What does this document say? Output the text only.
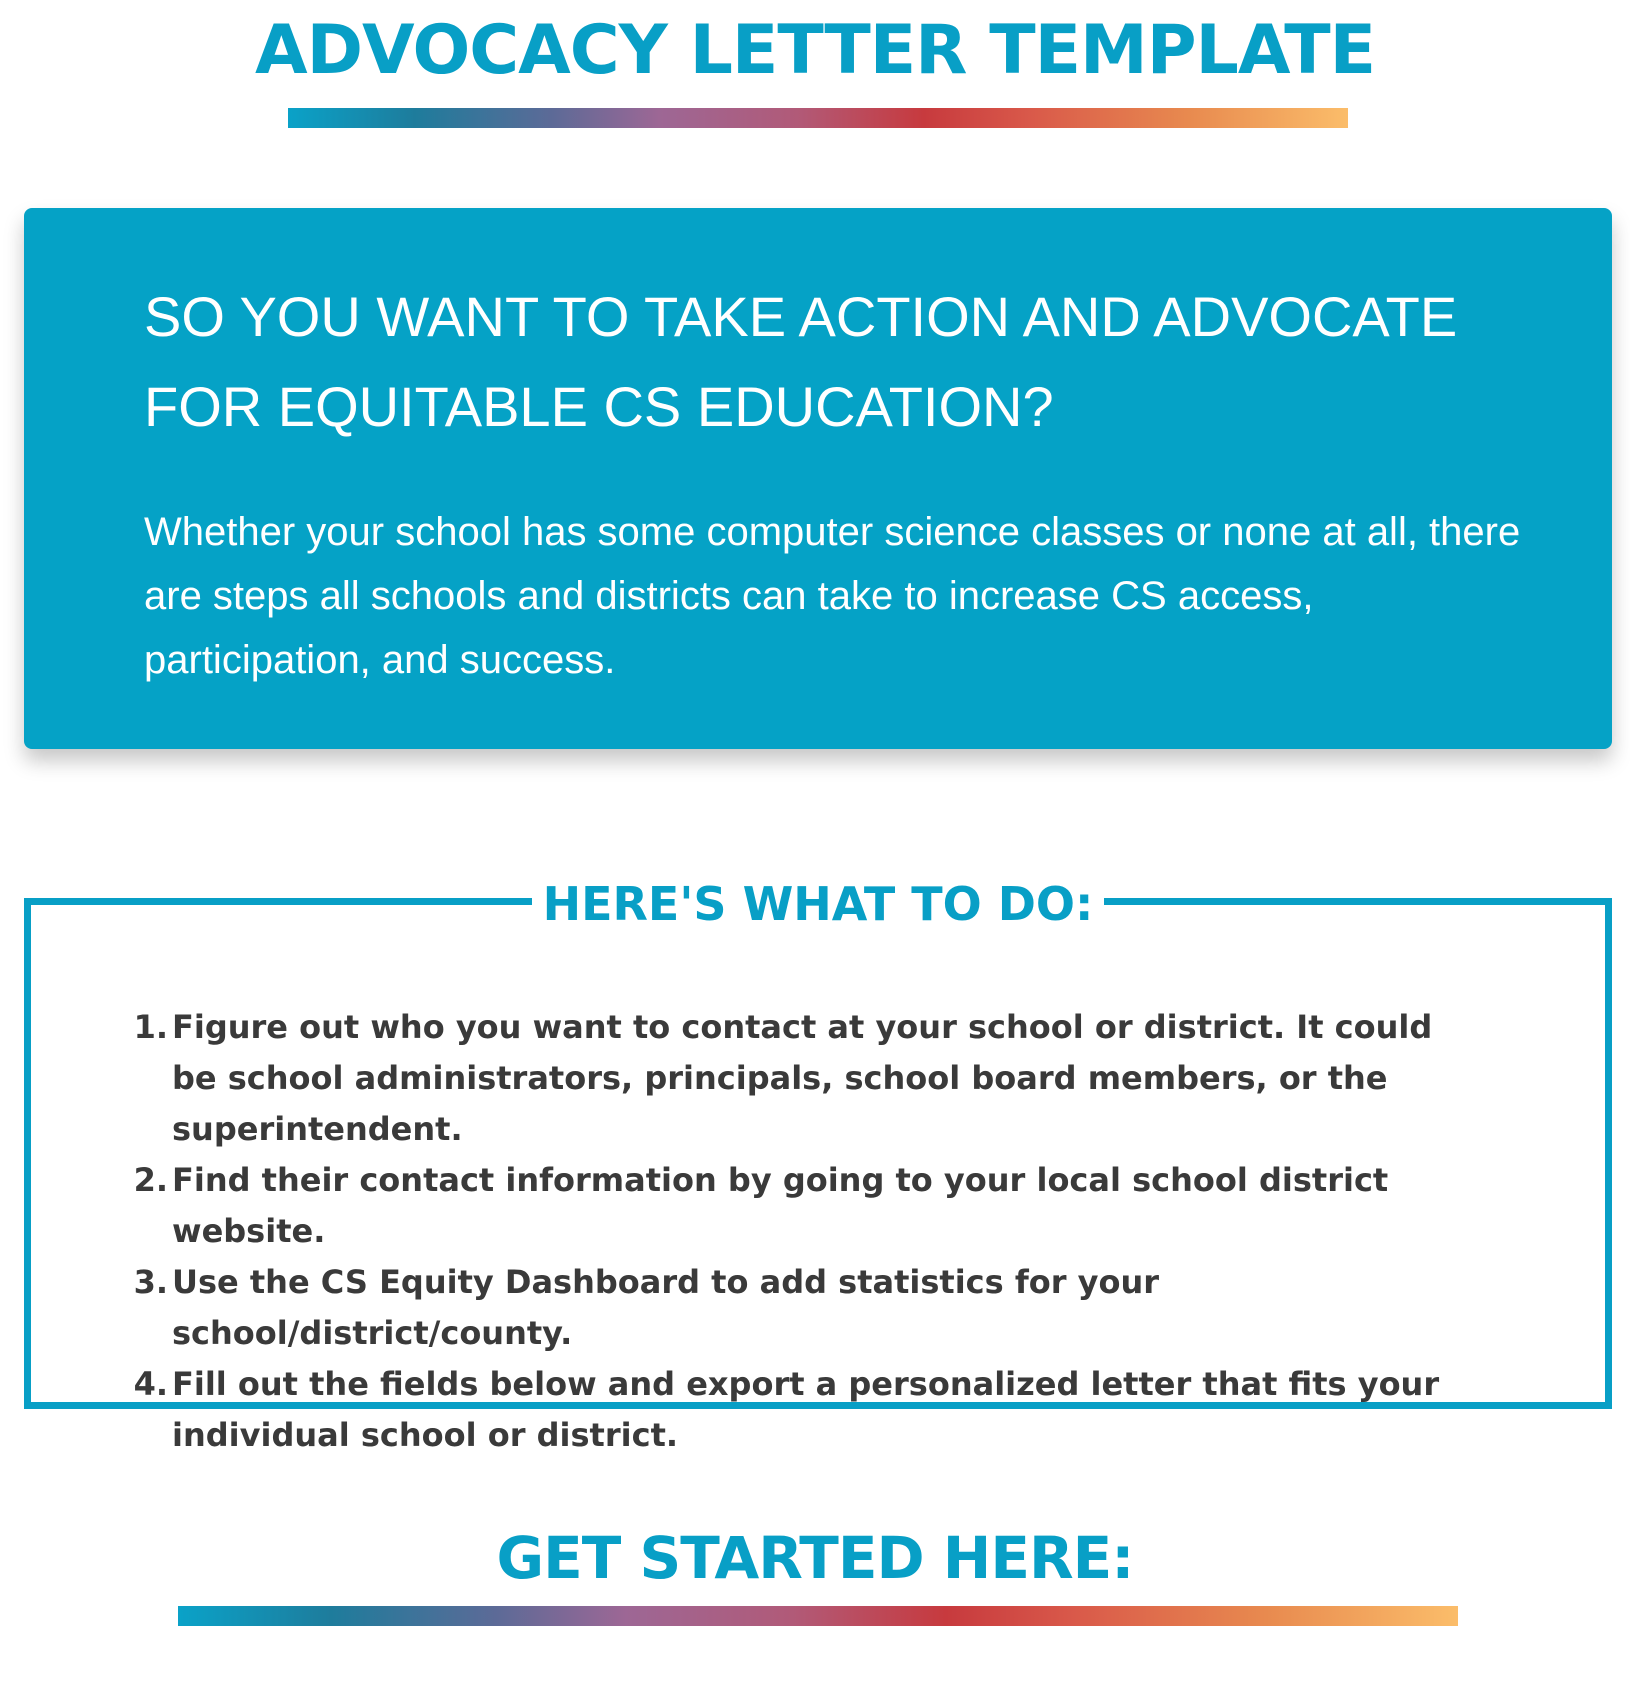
ADVOCACY LETTER TEMPLATE
SO YOU WANT TO TAKE ACTION AND ADVOCATE FOR EQUITABLE CS EDUCATION?

Whether your school has some computer science classes or none at all, there are steps all schools and districts can take to increase CS access, participation, and success.

HERE'S WHAT TO DO:
1. Figure out who you want to contact at your school or district. It could be school administrators, principals, school board members, or the superintendent.
2. Find their contact information by going to your local school district website.
3. Use the CS Equity Dashboard to add statistics for your school/district/county.
4. Fill out the fields below and export a personalized letter that fits your individual school or district.
GET STARTED HERE:
